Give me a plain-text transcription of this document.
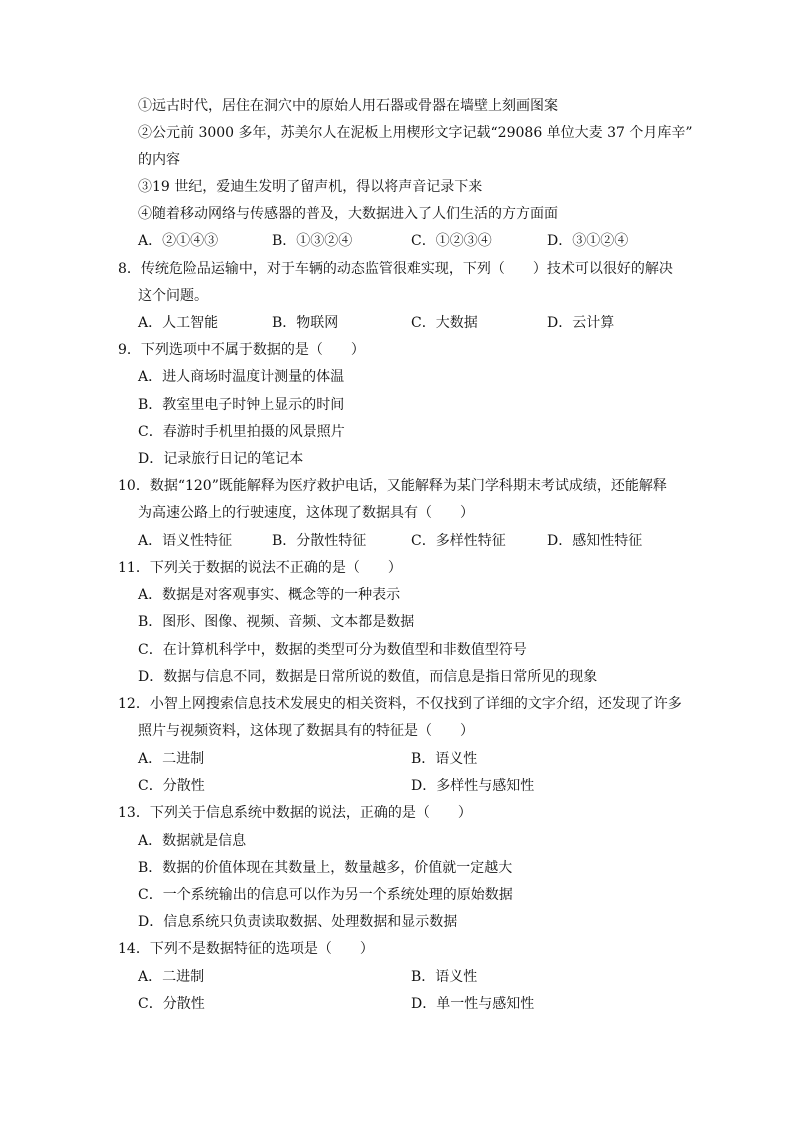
①远古时代，居住在洞穴中的原始人用石器或骨器在墙壁上刻画图案
②公元前 3000 多年，苏美尔人在泥板上用楔形文字记载“29086 单位大麦 37 个月库辛”
的内容
③19 世纪，爱迪生发明了留声机，得以将声音记录下来
④随着移动网络与传感器的普及，大数据进入了人们生活的方方面面
A．②①④③	B．①③②④	C．①②③④	D．③①②④
8．传统危险品运输中，对于车辆的动态监管很难实现，下列（　　）技术可以很好的解决
这个问题。
A．人工智能	B．物联网	C．大数据	D．云计算
9．下列选项中不属于数据的是（　　）
A．进人商场时温度计测量的体温
B．教室里电子时钟上显示的时间
C．春游时手机里拍摄的风景照片
D．记录旅行日记的笔记本
10．数据“120”既能解释为医疗救护电话，又能解释为某门学科期末考试成绩，还能解释
为高速公路上的行驶速度，这体现了数据具有（　　）
A．语义性特征	B．分散性特征	C．多样性特征	D．感知性特征
11．下列关于数据的说法不正确的是（　　）
A．数据是对客观事实、概念等的一种表示
B．图形、图像、视频、音频、文本都是数据
C．在计算机科学中，数据的类型可分为数值型和非数值型符号
D．数据与信息不同，数据是日常所说的数值，而信息是指日常所见的现象
12．小智上网搜索信息技术发展史的相关资料，不仅找到了详细的文字介绍，还发现了许多
照片与视频资料，这体现了数据具有的特征是（　　）
A．二进制	B．语义性
C．分散性	D．多样性与感知性
13．下列关于信息系统中数据的说法，正确的是（　　）
A．数据就是信息
B．数据的价值体现在其数量上，数量越多，价值就一定越大
C．一个系统输出的信息可以作为另一个系统处理的原始数据
D．信息系统只负责读取数据、处理数据和显示数据
14．下列不是数据特征的选项是（　　）
A．二进制	B．语义性
C．分散性	D．单一性与感知性
